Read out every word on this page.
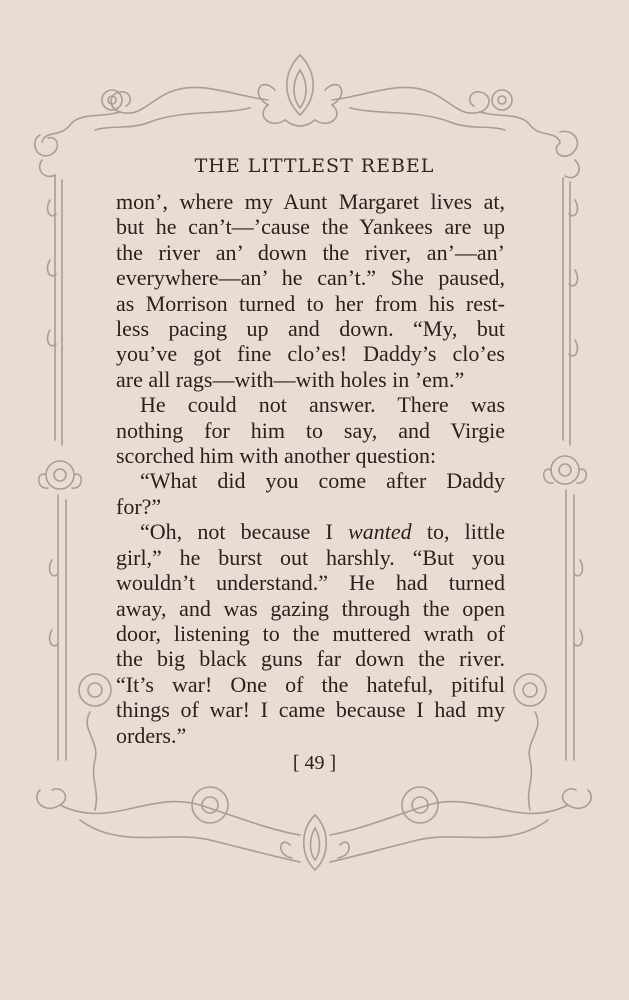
THE LITTLEST REBEL

mon’, where my Aunt Margaret lives at,

but he can’t—’cause the Yankees are up

the river an’ down the river, an’—an’

everywhere—an’ he can’t.” She paused,

as Morrison turned to her from his rest-

less pacing up and down. “My, but

you’ve got fine clo’es! Daddy’s clo’es

are all rags—with—with holes in ’em.”

He could not answer. There was

nothing for him to say, and Virgie

scorched him with another question:

“What did you come after Daddy

for?”

“Oh, not because I wanted to, little

girl,” he burst out harshly. “But you

wouldn’t understand.” He had turned

away, and was gazing through the open

door, listening to the muttered wrath of

the big black guns far down the river.

“It’s war! One of the hateful, pitiful

things of war! I came because I had my

orders.”

[ 49 ]
